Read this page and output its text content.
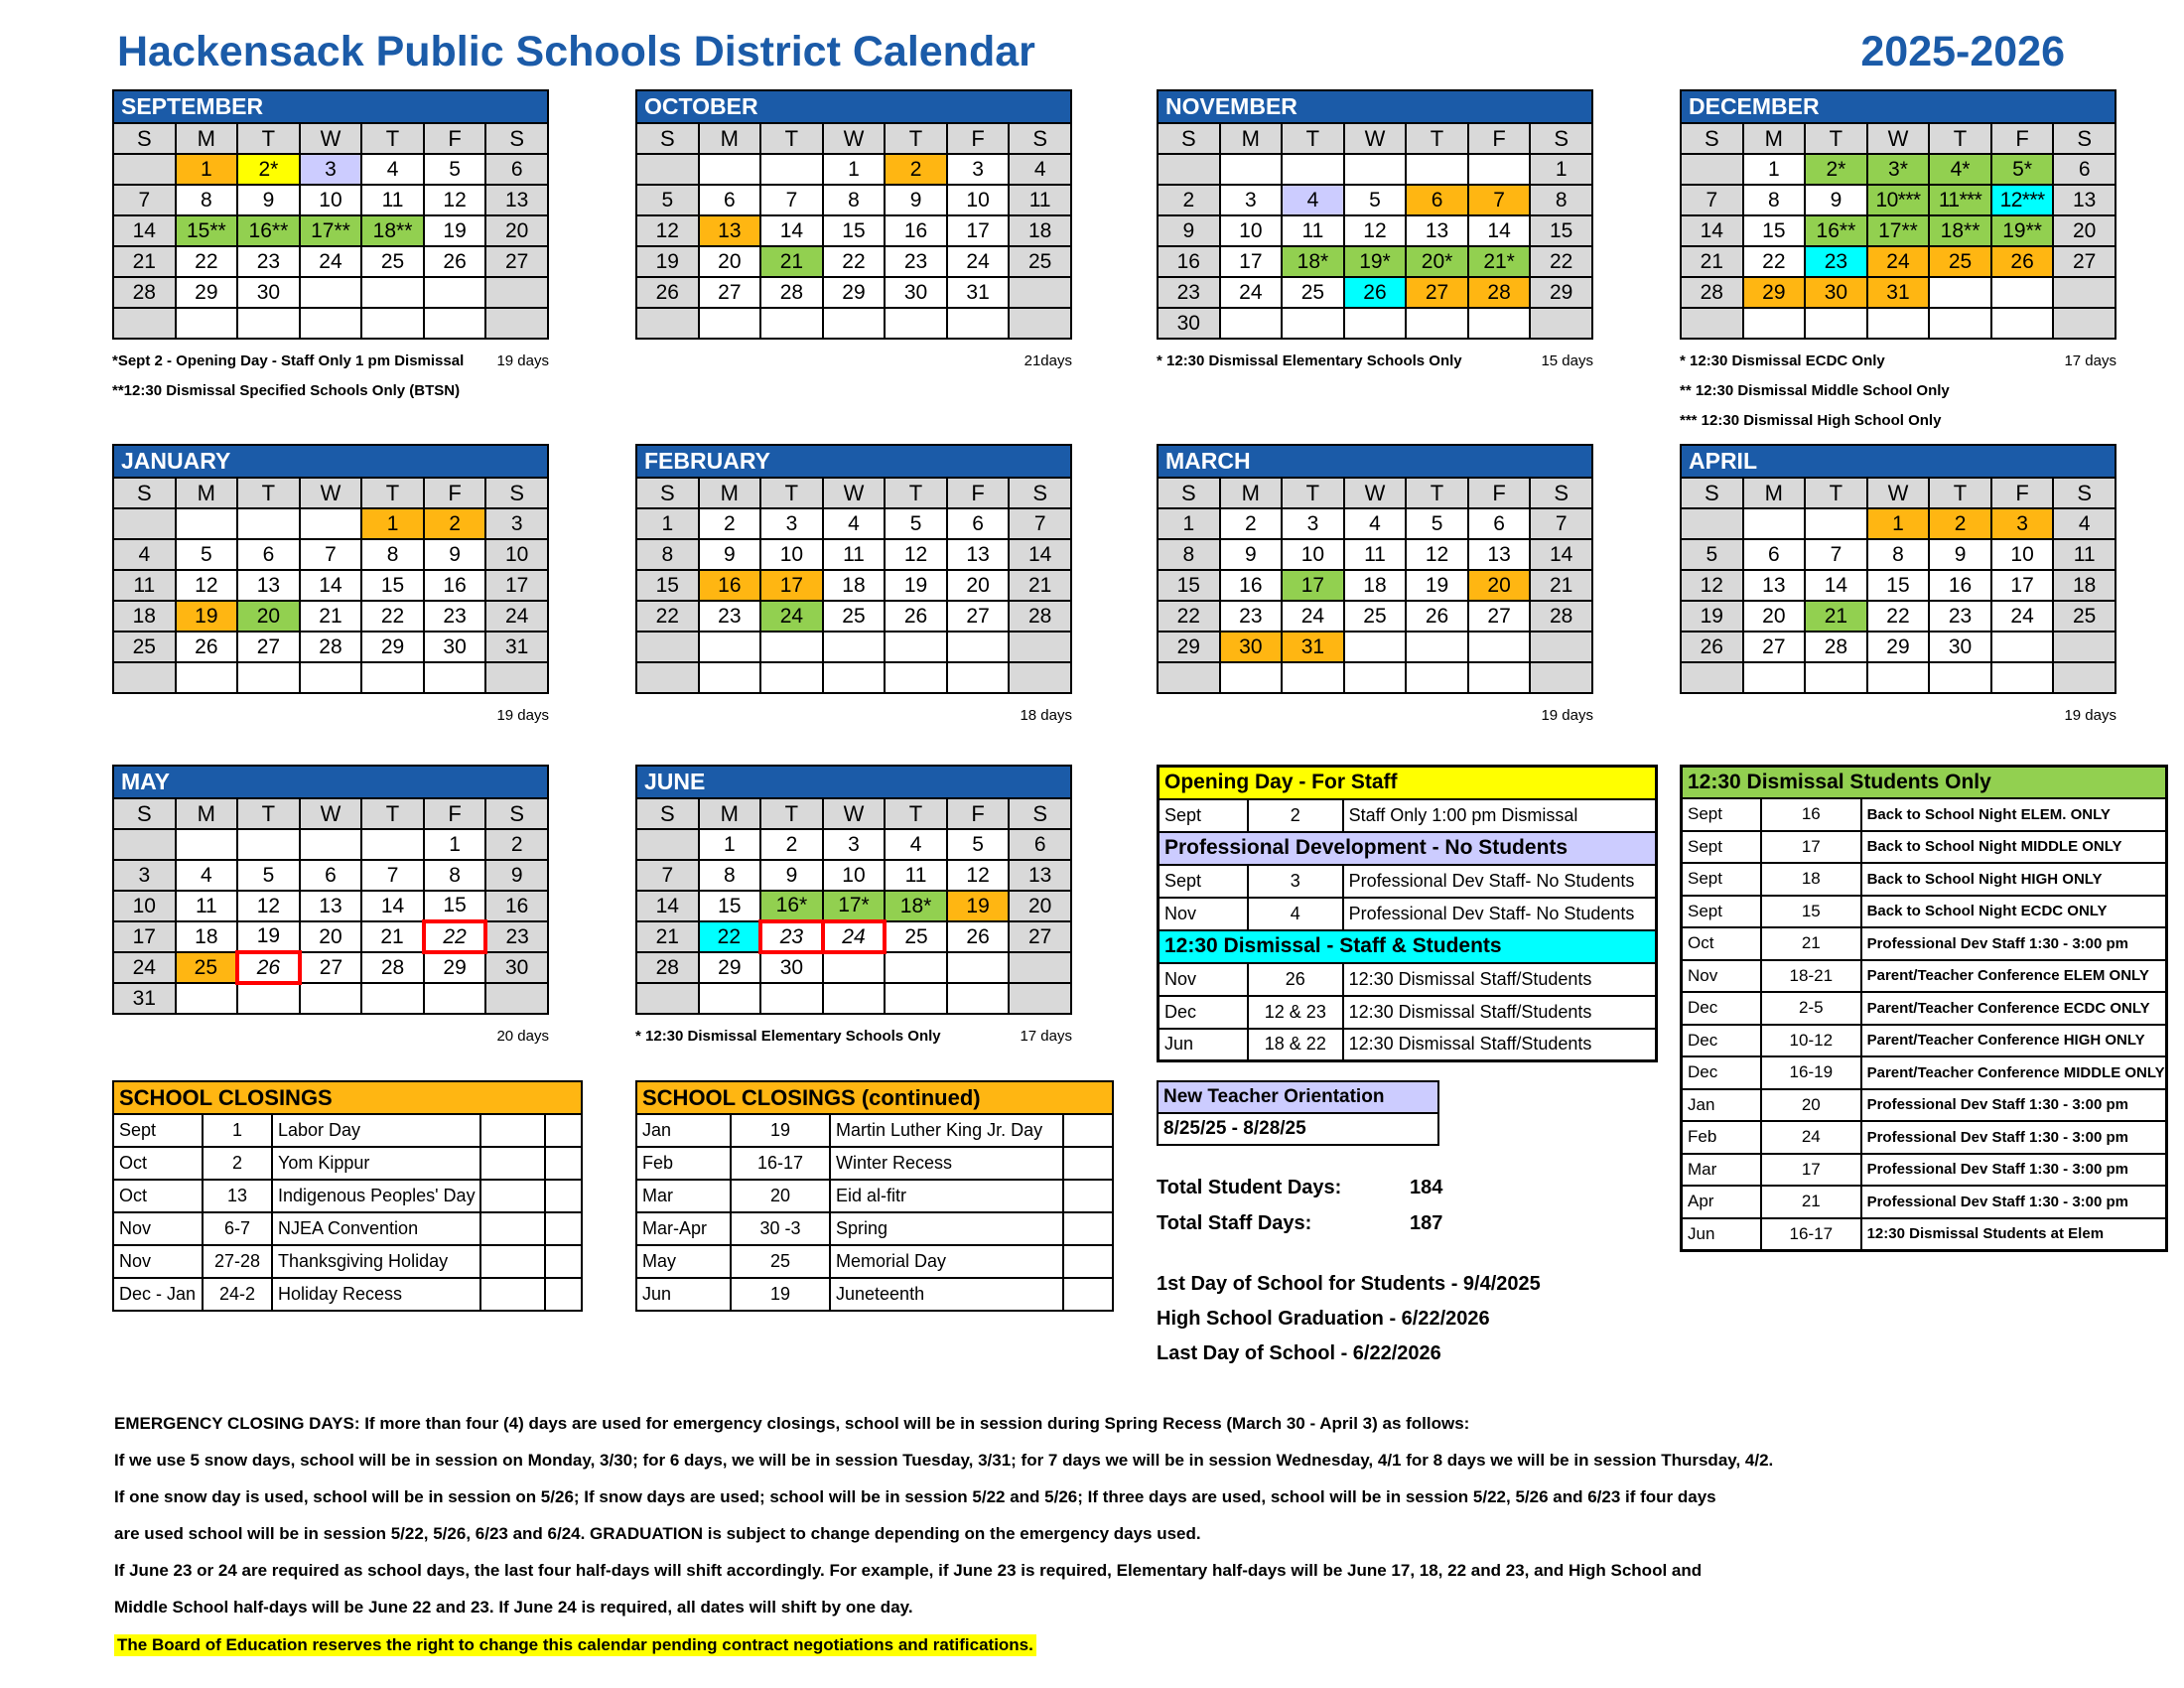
Hackensack Public Schools District Calendar	2025-2026
SEPTEMBER						
S	M	T	W	T	F	S
	1	2*	3	4	5	6
7	8	9	10	11	12	13
14	15**	16**	17**	18**	19	20
21	22	23	24	25	26	27
28	29	30				

*Sept 2 - Opening Day - Staff Only 1 pm Dismissal 19 days
**12:30 Dismissal Specified Schools Only (BTSN)
OCTOBER						
S	M	T	W	T	F	S
			1	2	3	4
5	6	7	8	9	10	11
12	13	14	15	16	17	18
19	20	21	22	23	24	25
26	27	28	29	30	31	

21days
NOVEMBER						
S	M	T	W	T	F	S
						1
2	3	4	5	6	7	8
9	10	11	12	13	14	15
16	17	18*	19*	20*	21*	22
23	24	25	26	27	28	29
30						
* 12:30 Dismissal Elementary Schools Only	15 days
DECEMBER						
S	M	T	W	T	F	S
	1	2*	3*	4*	5*	6
7	8	9	10***	11***	12***	13
14	15	16**	17**	18**	19**	20
21	22	23	24	25	26	27
28	29	30	31			

* 12:30 Dismissal ECDC Only	17 days
** 12:30 Dismissal Middle School Only
*** 12:30 Dismissal High School Only
JANUARY						
S	M	T	W	T	F	S
				1	2	3
4	5	6	7	8	9	10
11	12	13	14	15	16	17
18	19	20	21	22	23	24
25	26	27	28	29	30	31

19 days
FEBRUARY						
S	M	T	W	T	F	S
1	2	3	4	5	6	7
8	9	10	11	12	13	14
15	16	17	18	19	20	21
22	23	24	25	26	27	28

18 days
MARCH						
S	M	T	W	T	F	S
1	2	3	4	5	6	7
8	9	10	11	12	13	14
15	16	17	18	19	20	21
22	23	24	25	26	27	28
29	30	31				

19 days
APRIL						
S	M	T	W	T	F	S
			1	2	3	4
5	6	7	8	9	10	11
12	13	14	15	16	17	18
19	20	21	22	23	24	25
26	27	28	29	30		

19 days
MAY						
S	M	T	W	T	F	S
					1	2
3	4	5	6	7	8	9
10	11	12	13	14	15	16
17	18	19	20	21	22	23
24	25	26	27	28	29	30
31						
20 days
JUNE						
S	M	T	W	T	F	S
	1	2	3	4	5	6
7	8	9	10	11	12	13
14	15	16*	17*	18*	19	20
21	22	23	24	25	26	27
28	29	30				

* 12:30 Dismissal Elementary Schools Only	17 days
Opening Day - For Staff		
Sept	2	Staff Only 1:00 pm Dismissal
Professional Development - No Students		
Sept	3	Professional Dev Staff- No Students
Nov	4	Professional Dev Staff- No Students
12:30 Dismissal - Staff & Students		
Nov	26	12:30 Dismissal Staff/Students
Dec	12 & 23	12:30 Dismissal Staff/Students
Jun	18 & 22	12:30 Dismissal Staff/Students
12:30 Dismissal Students Only		
Sept	16	Back to School Night ELEM. ONLY
Sept	17	Back to School Night MIDDLE ONLY
Sept	18	Back to School Night HIGH ONLY
Sept	15	Back to School Night ECDC ONLY
Oct	21	Professional Dev Staff 1:30 - 3:00 pm
Nov	18-21	Parent/Teacher Conference ELEM ONLY
Dec	2-5	Parent/Teacher Conference ECDC ONLY
Dec	10-12	Parent/Teacher Conference HIGH ONLY
Dec	16-19	Parent/Teacher Conference MIDDLE ONLY
Jan	20	Professional Dev Staff 1:30 - 3:00 pm
Feb	24	Professional Dev Staff 1:30 - 3:00 pm
Mar	17	Professional Dev Staff 1:30 - 3:00 pm
Apr	21	Professional Dev Staff 1:30 - 3:00 pm
Jun	16-17	12:30 Dismissal Students at Elem
SCHOOL CLOSINGS				
Sept	1	Labor Day		
Oct	2	Yom Kippur		
Oct	13	Indigenous Peoples' Day		
Nov	6-7	NJEA Convention		
Nov	27-28	Thanksgiving Holiday		
Dec - Jan	24-2	Holiday Recess		
SCHOOL CLOSINGS (continued)			
Jan	19	Martin Luther King Jr. Day	
Feb	16-17	Winter Recess	
Mar	20	Eid al-fitr	
Mar-Apr	30 -3	Spring	
May	25	Memorial Day	
Jun	19	Juneteenth	
New Teacher Orientation
8/25/25 - 8/28/25
Total Student Days:	184
Total Staff Days:	187
1st Day of School for Students - 9/4/2025
High School Graduation - 6/22/2026
Last Day of School - 6/22/2026
EMERGENCY CLOSING DAYS: If more than four (4) days are used for emergency closings, school will be in session during Spring Recess (March 30 - April 3) as follows:
If we use 5 snow days, school will be in session on Monday, 3/30; for 6 days, we will be in session Tuesday, 3/31; for 7 days we will be in session Wednesday, 4/1 for 8 days we will be in session Thursday, 4/2.
If one snow day is used, school will be in session on 5/26; If snow days are used; school will be in session 5/22 and 5/26; If three days are used, school will be in session 5/22, 5/26 and 6/23 if four days
are used school will be in session 5/22, 5/26, 6/23 and 6/24. GRADUATION is subject to change depending on the emergency days used.
If June 23 or 24 are required as school days, the last four half-days will shift accordingly. For example, if June 23 is required, Elementary half-days will be June 17, 18, 22 and 23, and High School and
Middle School half-days will be June 22 and 23. If June 24 is required, all dates will shift by one day.
The Board of Education reserves the right to change this calendar pending contract negotiations and ratifications.
